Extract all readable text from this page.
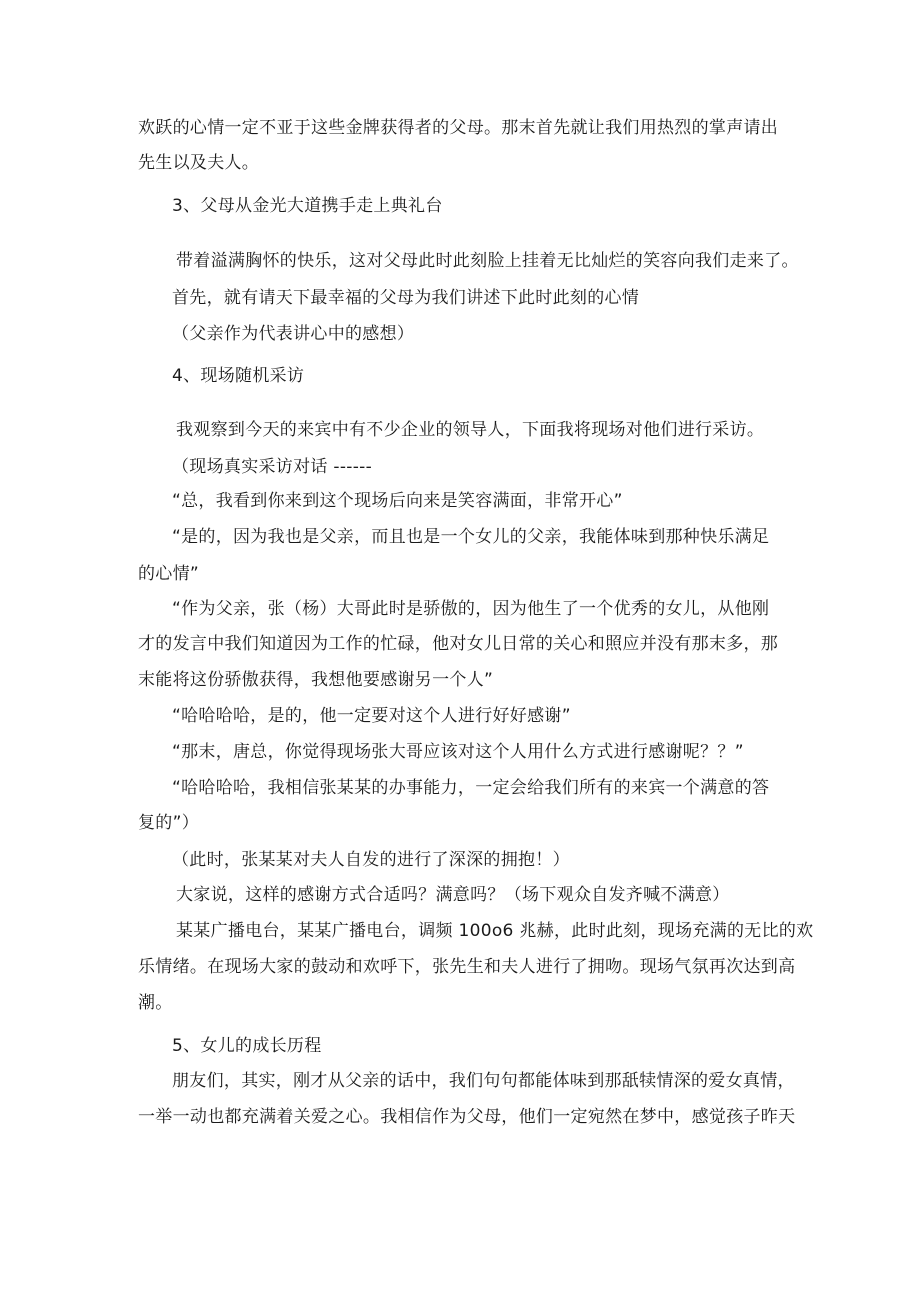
欢跃的心情一定不亚于这些金牌获得者的父母。那末首先就让我们用热烈的掌声请出
先生以及夫人。
3、父母从金光大道携手走上典礼台
带着溢满胸怀的快乐，这对父母此时此刻脸上挂着无比灿烂的笑容向我们走来了。
首先，就有请天下最幸福的父母为我们讲述下此时此刻的心情
（父亲作为代表讲心中的感想）
4、现场随机采访
我观察到今天的来宾中有不少企业的领导人，下面我将现场对他们进行采访。
（现场真实采访对话 ------
“总，我看到你来到这个现场后向来是笑容满面，非常开心”
“是的，因为我也是父亲，而且也是一个女儿的父亲，我能体味到那种快乐满足
的心情”
“作为父亲，张（杨）大哥此时是骄傲的，因为他生了一个优秀的女儿，从他刚
才的发言中我们知道因为工作的忙碌，他对女儿日常的关心和照应并没有那末多，那
末能将这份骄傲获得，我想他要感谢另一个人”
“哈哈哈哈，是的，他一定要对这个人进行好好感谢”
“那末，唐总，你觉得现场张大哥应该对这个人用什么方式进行感谢呢？？”
“哈哈哈哈，我相信张某某的办事能力，一定会给我们所有的来宾一个满意的答
复的”）
（此时，张某某对夫人自发的进行了深深的拥抱！）
大家说，这样的感谢方式合适吗？满意吗？（场下观众自发齐喊不满意）
某某广播电台，某某广播电台，调频 100o6 兆赫，此时此刻，现场充满的无比的欢
乐情绪。在现场大家的鼓动和欢呼下，张先生和夫人进行了拥吻。现场气氛再次达到高
潮。
5、女儿的成长历程
朋友们，其实，刚才从父亲的话中，我们句句都能体味到那舐犊情深的爱女真情，
一举一动也都充满着关爱之心。我相信作为父母，他们一定宛然在梦中，感觉孩子昨天
